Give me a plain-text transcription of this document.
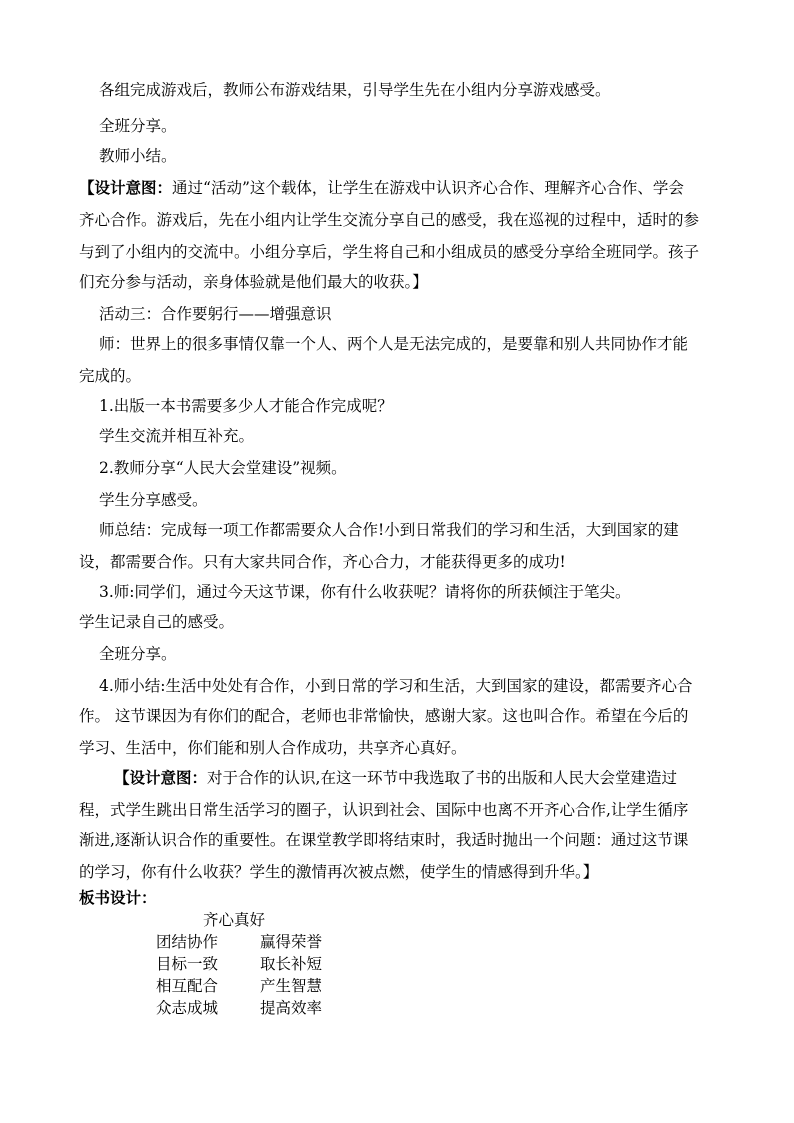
各组完成游戏后，教师公布游戏结果，引导学生先在小组内分享游戏感受。
全班分享。
教师小结。
【设计意图：通过“活动”这个载体，让学生在游戏中认识齐心合作、理解齐心合作、学会
齐心合作。游戏后，先在小组内让学生交流分享自己的感受，我在巡视的过程中，适时的参
与到了小组内的交流中。小组分享后，学生将自己和小组成员的感受分享给全班同学。孩子
们充分参与活动，亲身体验就是他们最大的收获。】
活动三：合作要躬行——增强意识
师：世界上的很多事情仅靠一个人、两个人是无法完成的，是要靠和别人共同协作才能
完成的。
1.出版一本书需要多少人才能合作完成呢？
学生交流并相互补充。
2.教师分享“人民大会堂建设”视频。
学生分享感受。
师总结：完成每一项工作都需要众人合作!小到日常我们的学习和生活，大到国家的建
设，都需要合作。只有大家共同合作，齐心合力，才能获得更多的成功!
3.师:同学们，通过今天这节课，你有什么收获呢？请将你的所获倾注于笔尖。
学生记录自己的感受。
全班分享。
4.师小结:生活中处处有合作，小到日常的学习和生活，大到国家的建设，都需要齐心合
作。 这节课因为有你们的配合，老师也非常愉快，感谢大家。这也叫合作。希望在今后的
学习、生活中，你们能和别人合作成功，共享齐心真好。
【设计意图：对于合作的认识,在这一环节中我选取了书的出版和人民大会堂建造过
程，式学生跳出日常生活学习的圈子，认识到社会、国际中也离不开齐心合作,让学生循序
渐进,逐渐认识合作的重要性。在课堂教学即将结束时，我适时抛出一个问题：通过这节课
的学习，你有什么收获？学生的激情再次被点燃，使学生的情感得到升华。】
板书设计：
齐心真好
团结协作	赢得荣誉
目标一致	取长补短
相互配合	产生智慧
众志成城	提高效率
